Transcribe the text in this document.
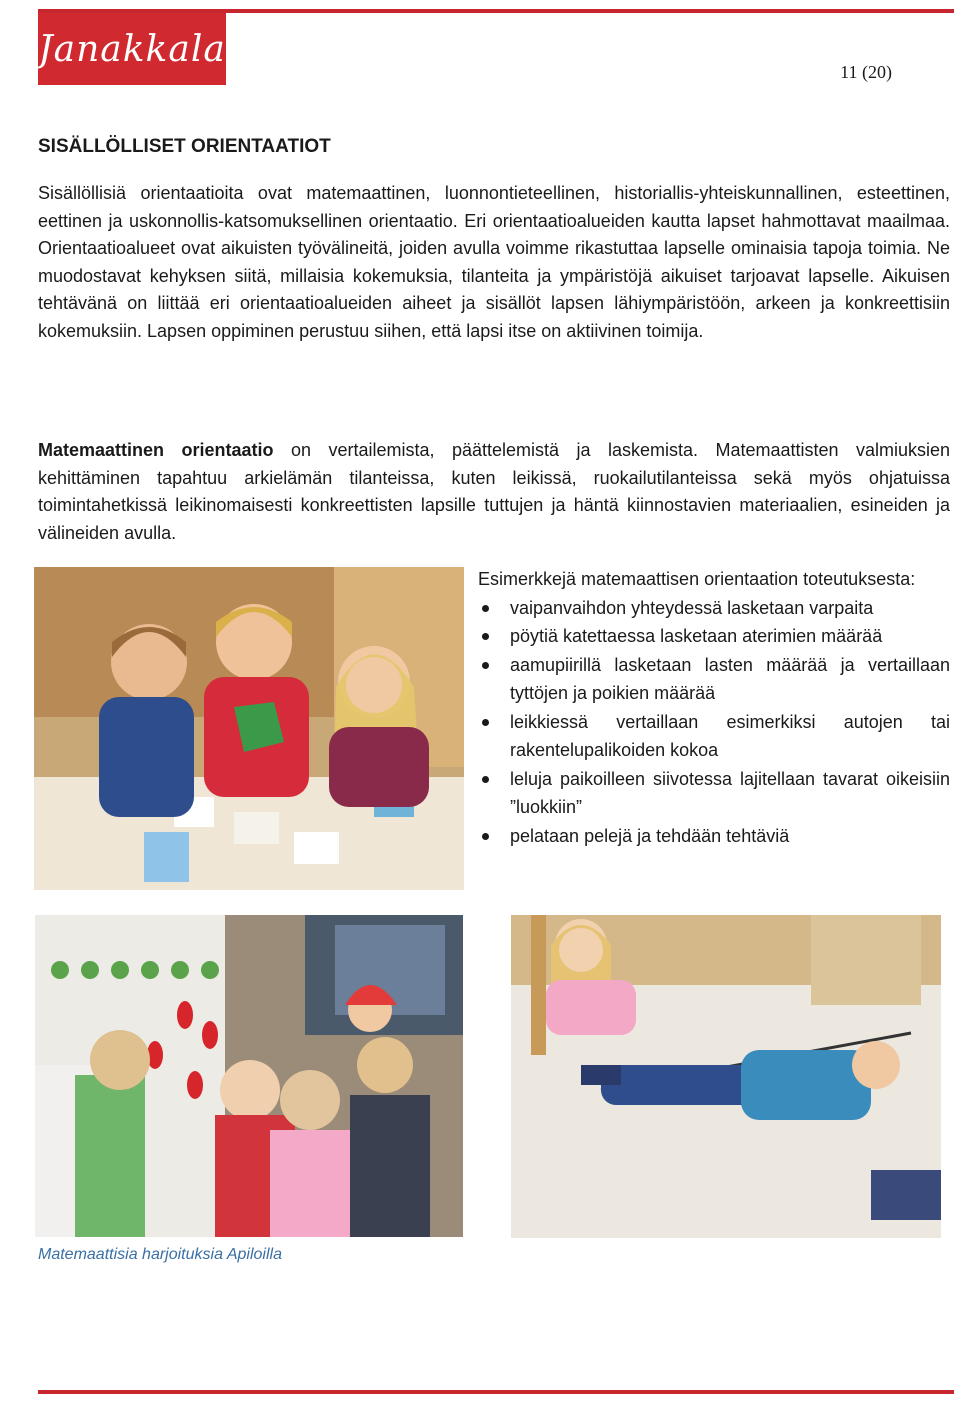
Janakkala
11 (20)
SISÄLLÖLLISET ORIENTAATIOT

Sisällöllisiä orientaatioita ovat matemaattinen, luonnontieteellinen, historiallis-yhteiskunnallinen, esteettinen, eettinen ja uskonnollis-katsomuksellinen orientaatio. Eri orientaatioalueiden kautta lapset hahmottavat maailmaa. Orientaatioalueet ovat aikuisten työvälineitä, joiden avulla voimme rikastuttaa lapselle ominaisia tapoja toimia. Ne muodostavat kehyksen siitä, millaisia kokemuksia, tilanteita ja ympäristöjä aikuiset tarjoavat lapselle. Aikuisen tehtävänä on liittää eri orientaatioalueiden aiheet ja sisällöt lapsen lähiympäristöön, arkeen ja konkreettisiin kokemuksiin. Lapsen oppiminen perustuu siihen, että lapsi itse on aktiivinen toimija.

Matemaattinen orientaatio on vertailemista, päättelemistä ja laskemista. Matemaattisten valmiuksien kehittäminen tapahtuu arkielämän tilanteissa, kuten leikissä, ruokailutilanteissa sekä myös ohjatuissa toimintahetkissä leikinomaisesti konkreettisten lapsille tuttujen ja häntä kiinnostavien materiaalien, esineiden ja välineiden avulla.

Esimerkkejä matemaattisen orientaation toteutuksesta:

vaipanvaihdon yhteydessä lasketaan varpaita
pöytiä katettaessa lasketaan aterimien määrää
aamupiirillä lasketaan lasten määrää ja vertaillaan tyttöjen ja poikien määrää
leikkiessä vertaillaan esimerkiksi autojen tai rakentelupalikoiden kokoa
leluja paikoilleen siivotessa lajitellaan tavarat oikeisiin ”luokkiin”
pelataan pelejä ja tehdään tehtäviä

Matemaattisia harjoituksia Apiloilla
